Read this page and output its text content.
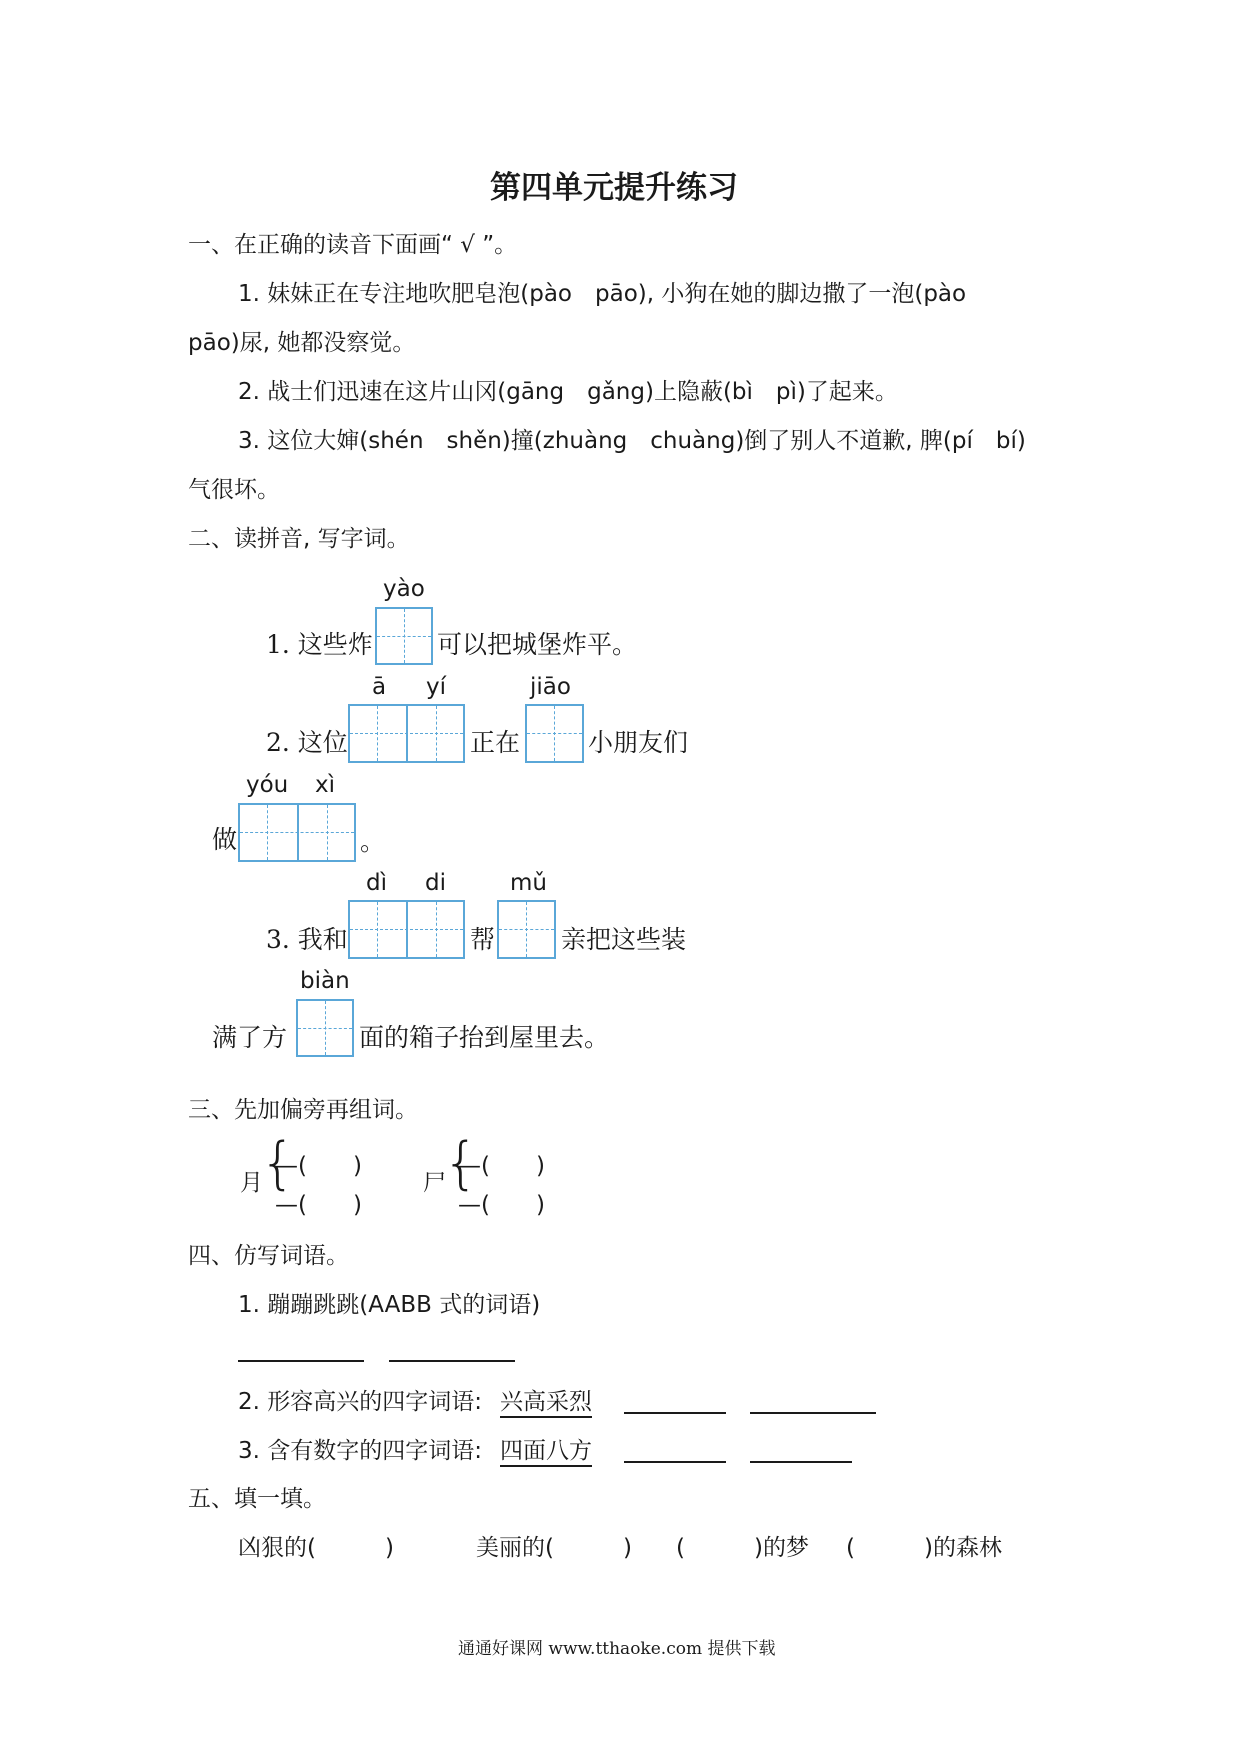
第四单元提升练习
一、在正确的读音下面画“ √ ”。
1. 妹妹正在专注地吹肥皂泡(pào　pāo), 小狗在她的脚边撒了一泡(pào
pāo)尿, 她都没察觉。
2. 战士们迅速在这片山冈(gāng　gǎng)上隐蔽(bì　pì)了起来。
3. 这位大婶(shén　shěn)撞(zhuàng　chuàng)倒了别人不道歉, 脾(pí　bí)
气很坏。
二、读拼音, 写字词。
1. 这些炸
yào
可以把城堡炸平。
2. 这位
ā yí
正在
jiāo
小朋友们
做
yóu xì
。
3. 我和
dì di
帮
mǔ
亲把这些装
满了方
biàn
面的箱子抬到屋里去。
三、先加偏旁再组词。
月
{
—(　　)
—(　　)
尸
{
—(　　)
—(　　)
四、仿写词语。
1. 蹦蹦跳跳(AABB 式的词语)
2. 形容高兴的四字词语: 兴高采烈
3. 含有数字的四字词语: 四面八方
五、填一填。
凶狠的(　　　)	美丽的(　　　) (　　　)的梦 (　　　)的森林
通通好课网 www.tthaoke.com 提供下载
